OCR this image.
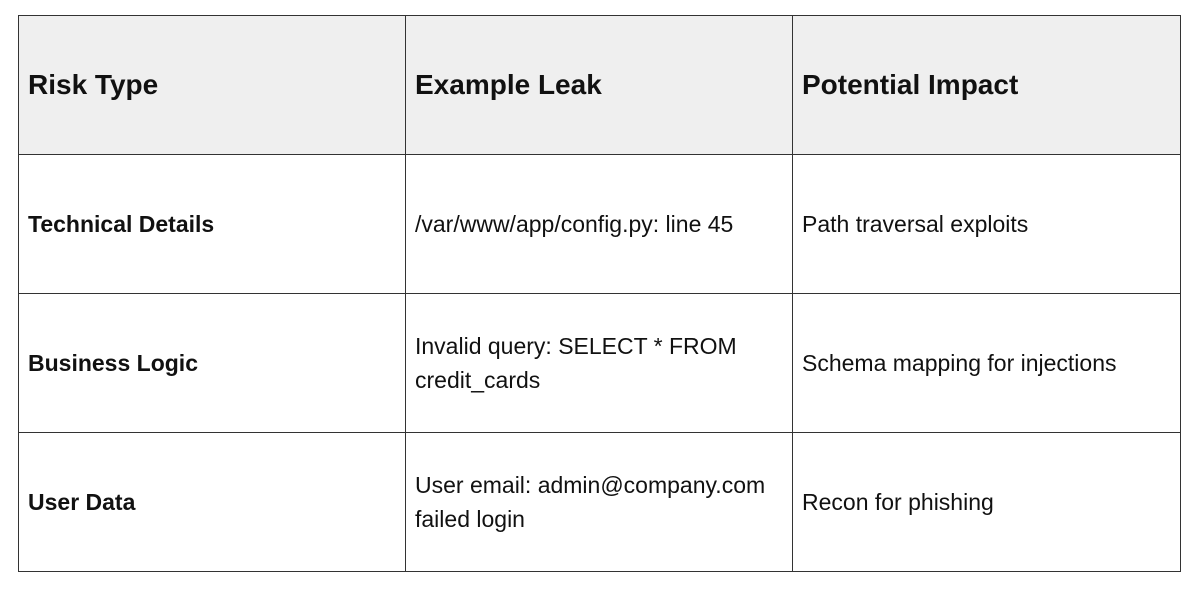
Risk Type	Example Leak	Potential Impact
Technical Details	/var/www/app/config.py: line 45	Path traversal exploits
Business Logic	Invalid query: SELECT * FROM credit_cards	Schema mapping for injections
User Data	User email: admin@company.com failed login	Recon for phishing
